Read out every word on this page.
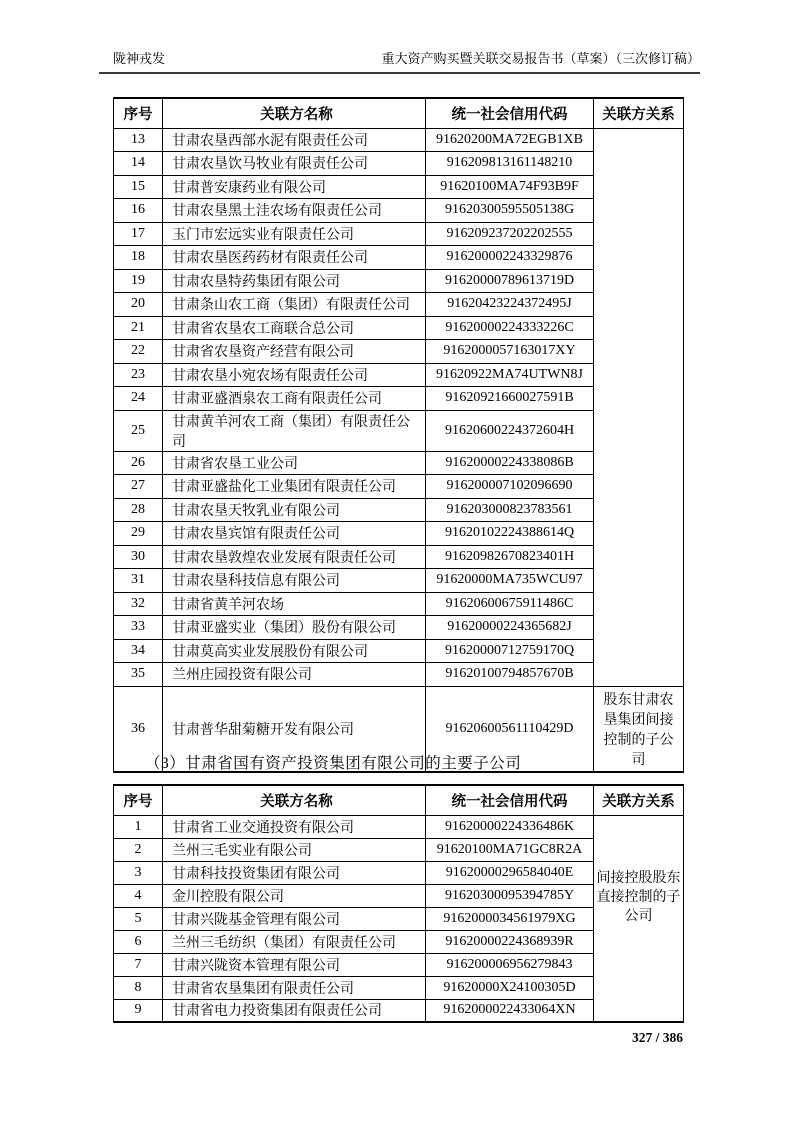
陇神戎发	重大资产购买暨关联交易报告书（草案）（三次修订稿）
序号	关联方名称	统一社会信用代码	关联方关系
13	甘肃农垦西部水泥有限责任公司	91620200MA72EGB1XB	
14	甘肃农垦饮马牧业有限责任公司	916209813161148210	
15	甘肃普安康药业有限公司	91620100MA74F93B9F	
16	甘肃农垦黑土洼农场有限责任公司	91620300595505138G	
17	玉门市宏远实业有限责任公司	916209237202202555	
18	甘肃农垦医药药材有限责任公司	916200002243329876	
19	甘肃农垦特药集团有限公司	91620000789613719D	
20	甘肃条山农工商（集团）有限责任公司	91620423224372495J	
21	甘肃省农垦农工商联合总公司	91620000224333226C	
22	甘肃省农垦资产经营有限公司	9162000057163017XY	
23	甘肃农垦小宛农场有限责任公司	91620922MA74UTWN8J	
24	甘肃亚盛酒泉农工商有限责任公司	91620921660027591B	
25	甘肃黄羊河农工商（集团）有限责任公司	91620600224372604H	
26	甘肃省农垦工业公司	91620000224338086B	
27	甘肃亚盛盐化工业集团有限责任公司	916200007102096690	
28	甘肃农垦天牧乳业有限公司	916203000823783561	
29	甘肃农垦宾馆有限责任公司	91620102224388614Q	
30	甘肃农垦敦煌农业发展有限责任公司	91620982670823401H	
31	甘肃农垦科技信息有限公司	91620000MA735WCU97	
32	甘肃省黄羊河农场	91620600675911486C	
33	甘肃亚盛实业（集团）股份有限公司	91620000224365682J	
34	甘肃莫高实业发展股份有限公司	91620000712759170Q	
35	兰州庄园投资有限公司	91620100794857670B	
36	甘肃普华甜菊糖开发有限公司	91620600561110429D	股东甘肃农垦集团间接控制的子公司
（3）甘肃省国有资产投资集团有限公司的主要子公司
序号	关联方名称	统一社会信用代码	关联方关系
1	甘肃省工业交通投资有限公司	91620000224336486K	
2	兰州三毛实业有限公司	91620100MA71GC8R2A	
3	甘肃科技投资集团有限公司	91620000296584040E	
4	金川控股有限公司	91620300095394785Y	
5	甘肃兴陇基金管理有限公司	9162000034561979XG	
6	兰州三毛纺织（集团）有限责任公司	91620000224368939R	
7	甘肃兴陇资本管理有限公司	916200006956279843	
8	甘肃省农垦集团有限责任公司	91620000X24100305D	
9	甘肃省电力投资集团有限责任公司	9162000022433064XN	
间接控股股东直接控制的子公司
327 / 386
